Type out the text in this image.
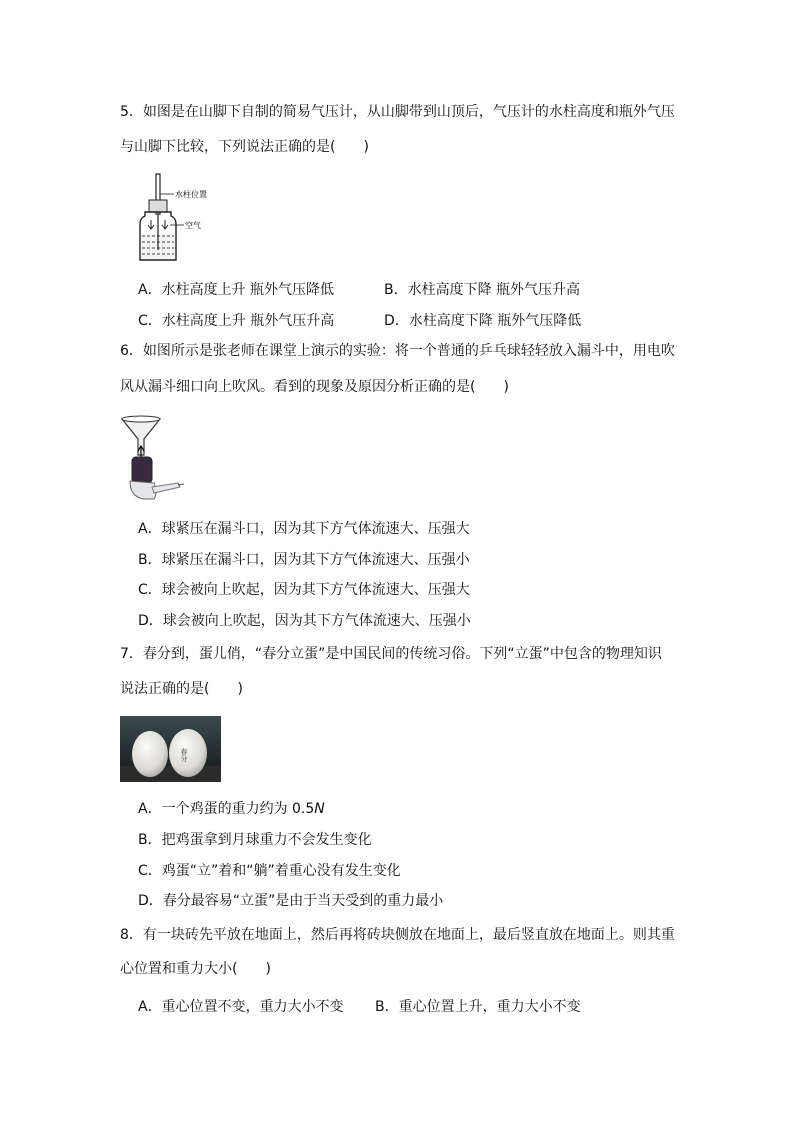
5．如图是在山脚下自制的简易气压计，从山脚带到山顶后，气压计的水柱高度和瓶外气压
与山脚下比较，下列说法正确的是(　　)
水柱位置
空气
A．水柱高度上升 瓶外气压降低	B．水柱高度下降 瓶外气压升高
C．水柱高度上升 瓶外气压升高	D．水柱高度下降 瓶外气压降低
6．如图所示是张老师在课堂上演示的实验：将一个普通的乒乓球轻轻放入漏斗中，用电吹
风从漏斗细口向上吹风。看到的现象及原因分析正确的是(　　)
A．球紧压在漏斗口，因为其下方气体流速大、压强大
B．球紧压在漏斗口，因为其下方气体流速大、压强小
C．球会被向上吹起，因为其下方气体流速大、压强大
D．球会被向上吹起，因为其下方气体流速大、压强小
7．春分到，蛋儿俏，“春分立蛋”是中国民间的传统习俗。下列“立蛋”中包含的物理知识
说法正确的是(　　)
春分
A．一个鸡蛋的重力约为 0.5N
B．把鸡蛋拿到月球重力不会发生变化
C．鸡蛋“立”着和“躺”着重心没有发生变化
D．春分最容易“立蛋”是由于当天受到的重力最小
8．有一块砖先平放在地面上，然后再将砖块侧放在地面上，最后竖直放在地面上。则其重
心位置和重力大小(　　)
A．重心位置不变，重力大小不变 B．重心位置上升，重力大小不变
